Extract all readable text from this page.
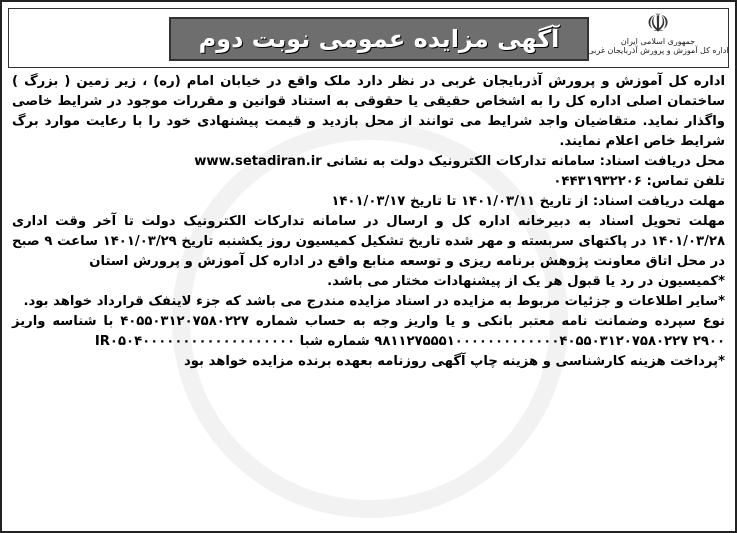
آگهی مزایده عمومی نوبت دوم	☫
جمهوری اسلامی ایران
اداره کل آموزش و پرورش آذربایجان غربی

اداره کل آموزش و پرورش آذربایجان غربی در نظر دارد ملک واقع در خیابان امام (ره) ، زیر زمین ( بزرگ ) ساختمان اصلی اداره کل را به اشخاص حقیقی یا حقوقی به استناد قوانین و مقررات موجود در شرایط خاصی واگذار نماید. متقاضیان واجد شرایط می توانند از محل بازدید و قیمت پیشنهادی خود را با رعایت موارد برگ شرایط خاص اعلام نمایند.

محل دریافت اسناد: سامانه تدارکات الکترونیک دولت به نشانی www.setadiran.ir
تلفن تماس: ۰۴۴۳۱۹۳۲۲۰۶
مهلت دریافت اسناد: از تاریخ ۱۴۰۱/۰۳/۱۱ تا تاریخ ۱۴۰۱/۰۳/۱۷

مهلت تحویل اسناد به دبیرخانه اداره کل و ارسال در سامانه تدارکات الکترونیک دولت تا آخر وقت اداری ۱۴۰۱/۰۳/۲۸ در پاکتهای سربسته و مهر شده تاریخ تشکیل کمیسیون روز یکشنبه تاریخ ۱۴۰۱/۰۳/۲۹ ساعت ۹ صبح در محل اتاق معاونت پژوهش برنامه ریزی و توسعه منابع واقع در اداره کل آموزش و پرورش استان

*کمیسیون در رد یا قبول هر یک از پیشنهادات مختار می باشد.

*سایر اطلاعات و جزئیات مربوط به مزایده در اسناد مزایده مندرج می باشد که جزء لاینفک قرارداد خواهد بود.

نوع سپرده وضمانت نامه معتبر بانکی و یا واریز وجه به حساب شماره ۴۰۵۵۰۳۱۲۰۷۵۸۰۲۲۷ با شناسه واریز ۲۹۰۰ ۹۸۱۱۲۷۵۵۵۱۰۰۰۰۰۰۰۰۰۰۰۰۰۴۰۵۵۰۳۱۲۰۷۵۸۰۲۲۷ شماره شبا IR۰۵۰۴۰۰۰۰۰۰۰۰۰۰۰۰۰۰۰۰۰۰۰

*پرداخت هزینه کارشناسی و هزینه چاپ آگهی روزنامه بعهده برنده مزایده خواهد بود
